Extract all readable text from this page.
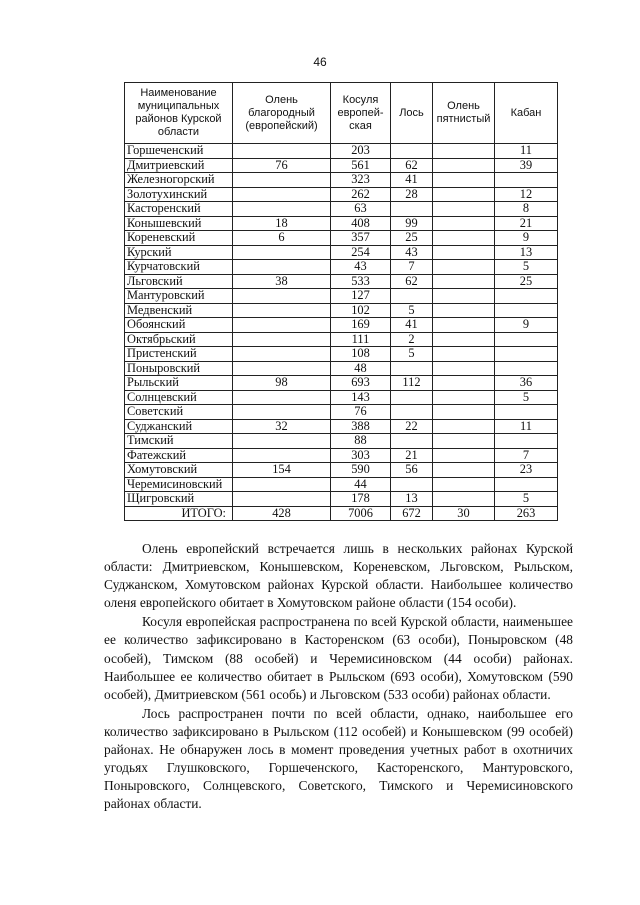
46
Наименование муниципальных районов Курской области	Олень благородный (европейский)	Косуля европей-ская	Лось	Олень пятнистый	Кабан
Горшеченский		203			11
Дмитриевский	76	561	62		39
Железногорский		323	41		
Золотухинский		262	28		12
Касторенский		63			8
Конышевский	18	408	99		21
Кореневский	6	357	25		9
Курский		254	43		13
Курчатовский		43	7		5
Льговский	38	533	62		25
Мантуровский		127			
Медвенский		102	5		
Обоянский		169	41		9
Октябрьский		111	2		
Пристенский		108	5		
Поныровский		48			
Рыльский	98	693	112		36
Солнцевский		143			5
Советский		76			
Суджанский	32	388	22		11
Тимский		88			
Фатежский		303	21		7
Хомутовский	154	590	56		23
Черемисиновский		44			
Щигровский		178	13		5
ИТОГО:	428	7006	672	30	263

Олень европейский встречается лишь в нескольких районах Курской области: Дмитриевском, Конышевском, Кореневском, Льговском, Рыльском, Суджанском, Хомутовском районах Курской области. Наибольшее количество оленя европейского обитает в Хомутовском районе области (154 особи).

Косуля европейская распространена по всей Курской области, наименьшее ее количество зафиксировано в Касторенском (63 особи), Поныровском (48 особей), Тимском (88 особей) и Черемисиновском (44 особи) районах. Наибольшее ее количество обитает в Рыльском (693 особи), Хомутовском (590 особей), Дмитриевском (561 особь) и Льговском (533 особи) районах области.

Лось распространен почти по всей области, однако, наибольшее его количество зафиксировано в Рыльском (112 особей) и Конышевском (99 особей) районах. Не обнаружен лось в момент проведения учетных работ в охотничих угодьях Глушковского, Горшеченского, Касторенского, Мантуровского, Поныровского, Солнцевского, Советского, Тимского и Черемисиновского районах области.
